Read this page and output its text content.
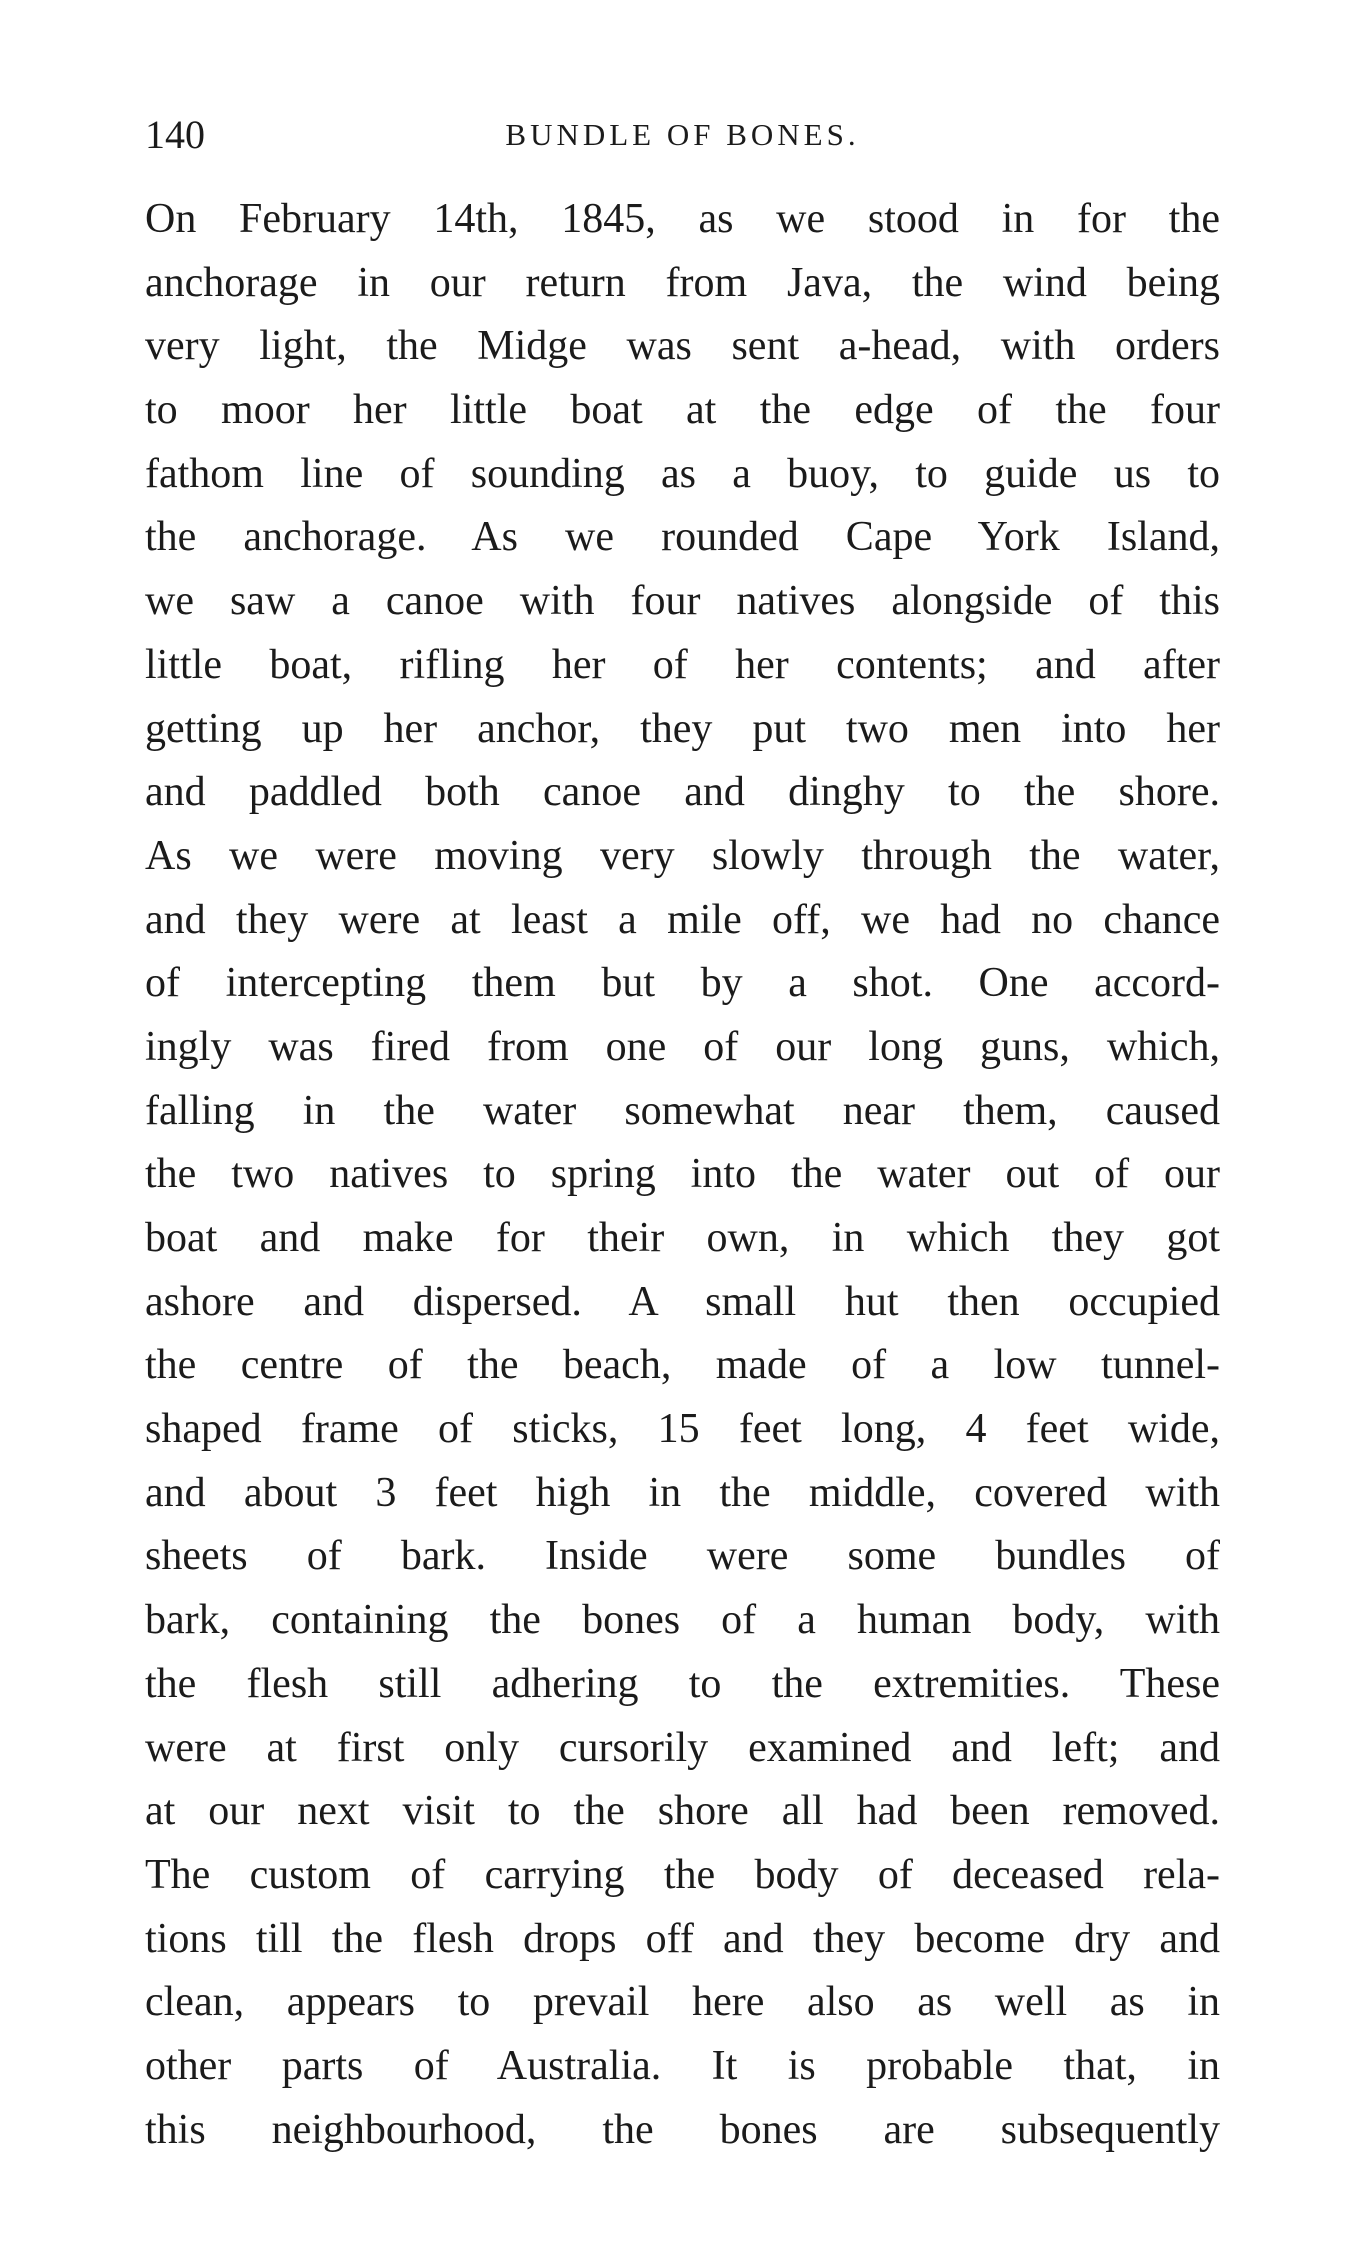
140	BUNDLE OF BONES.
On February 14th, 1845, as we stood in for the
anchorage in our return from Java, the wind being
very light, the Midge was sent a-head, with orders
to moor her little boat at the edge of the four
fathom line of sounding as a buoy, to guide us to
the anchorage. As we rounded Cape York Island,
we saw a canoe with four natives alongside of this
little boat, rifling her of her contents; and after
getting up her anchor, they put two men into her
and paddled both canoe and dinghy to the shore.
As we were moving very slowly through the water,
and they were at least a mile off, we had no chance
of intercepting them but by a shot. One accord-
ingly was fired from one of our long guns, which,
falling in the water somewhat near them, caused
the two natives to spring into the water out of our
boat and make for their own, in which they got
ashore and dispersed. A small hut then occupied
the centre of the beach, made of a low tunnel-
shaped frame of sticks, 15 feet long, 4 feet wide,
and about 3 feet high in the middle, covered with
sheets of bark. Inside were some bundles of
bark, containing the bones of a human body, with
the flesh still adhering to the extremities. These
were at first only cursorily examined and left; and
at our next visit to the shore all had been removed.
The custom of carrying the body of deceased rela-
tions till the flesh drops off and they become dry and
clean, appears to prevail here also as well as in
other parts of Australia. It is probable that, in
this neighbourhood, the bones are subsequently
